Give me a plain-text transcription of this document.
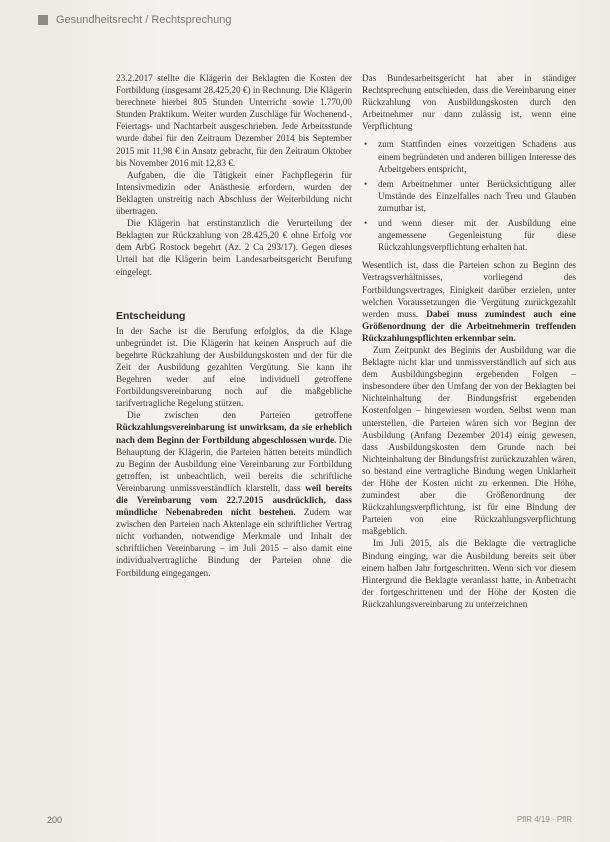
Gesundheitsrecht / Rechtsprechung

23.2.2017 stellte die Klägerin der Beklagten die Kosten der Fortbildung (insgesamt 28.425,20 €) in Rechnung. Die Klägerin berechnete hierbei 805 Stunden Unterricht sowie 1.770,00 Stunden Praktikum. Weiter wurden Zuschläge für Wochenend-, Feiertags- und Nachtarbeit ausgeschrieben. Jede Arbeitsstunde wurde dabei für den Zeitraum Dezember 2014 bis September 2015 mit 11,98 € in Ansatz gebracht, für den Zeitraum Oktober bis November 2016 mit 12,83 €.

Aufgaben, die die Tätigkeit einer Fachpflegerin für Intensivmedizin oder Anästhesie erfordern, wurden der Beklagten unstreitig nach Abschluss der Weiterbildung nicht übertragen.

Die Klägerin hat erstinstanzlich die Verurteilung der Beklagten zur Rückzahlung von 28.425,20 € ohne Erfolg vor dem ArbG Rostock begehrt (Az. 2 Ca 293/17). Gegen dieses Urteil hat die Klägerin beim Landesarbeitsgericht Berufung eingelegt.

Entscheidung

In der Sache ist die Berufung erfolglos, da die Klage unbegründet ist. Die Klägerin hat keinen Anspruch auf die begehrte Rückzahlung der Ausbildungskosten und der für die Zeit der Ausbildung gezahlten Vergütung. Sie kann ihr Begehren weder auf eine individuell getroffene Fortbildungsvereinbarung noch auf die maßgebliche tarifvertragliche Regelung stützen.

Die zwischen den Parteien getroffene Rückzahlungsvereinbarung ist unwirksam, da sie erheblich nach dem Beginn der Fortbildung abgeschlossen wurde. Die Behauptung der Klägerin, die Parteien hätten bereits mündlich zu Beginn der Ausbildung eine Vereinbarung zur Fortbildung getroffen, ist unbeachtlich, weil bereits die schriftliche Vereinbarung unmissverständlich klarstellt, dass weil bereits die Vereinbarung vom 22.7.2015 ausdrücklich, dass mündliche Nebenabreden nicht bestehen. Zudem war zwischen den Parteien nach Aktenlage ein schriftlicher Vertrag nicht vorhanden, notwendige Merkmale und Inhalt der schriftlichen Vereinbarung – im Juli 2015 – also damit eine individualvertragliche Bindung der Parteien ohne die Fortbildung eingegangen.

Das Bundesarbeitsgericht hat aber in ständiger Rechtsprechung entschieden, dass die Vereinbarung einer Rückzahlung von Ausbildungskosten durch den Arbeitnehmer nur dann zulässig ist, wenn eine Verpflichtung

• zum Stattfinden eines vorzeitigen Schadens aus einem begründeten und anderen billigen Interesse des Arbeitgebers entspricht,
• dem Arbeitnehmer unter Berücksichtigung aller Umstände des Einzelfalles nach Treu und Glauben zumutbar ist,
• und wenn dieser mit der Ausbildung eine angemessene Gegenleistung für diese Rückzahlungsverpflichtung erhalten hat.

Wesentlich ist, dass die Parteien schon zu Beginn des Vertragsverhältnisses, vorliegend des Fortbildungsvertrages, Einigkeit darüber erzielen, unter welchen Voraussetzungen die Vergütung zurückgezahlt werden muss. Dabei muss zumindest auch eine Größenordnung der die Arbeitnehmerin treffenden Rückzahlungspflichten erkennbar sein.

Zum Zeitpunkt des Beginns der Ausbildung war die Beklagte nicht klar und unmissverständlich auf sich aus dem Ausbildungsbeginn ergebenden Folgen – insbesondere über den Umfang der von der Beklagten bei Nichteinhaltung der Bindungsfrist ergebenden Kostenfolgen – hingewiesen worden. Selbst wenn man unterstellen, die Parteien wären sich vor Beginn der Ausbildung (Anfang Dezember 2014) einig gewesen, dass Ausbildungskosten dem Grunde nach bei Nichteinhaltung der Bindungsfrist zurückzuzahlen wären, so bestand eine vertragliche Bindung wegen Unklarheit der Höhe der Kosten nicht zu erkennen. Die Höhe, zumindest aber die Größenordnung der Rückzahlungsverpflichtung, ist für eine Bindung der Parteien von eine Rückzahlungsverpflichtung maßgeblich.

Im Juli 2015, als die Beklagte die vertragliche Bindung einging, war die Ausbildung bereits seit über einem halben Jahr fortgeschritten. Wenn sich vor diesem Hintergrund die Beklagte veranlasst hatte, in Anbetracht der fortgeschrittenen und der Höhe der Kosten die Rückzahlungsvereinbarung zu unterzeichnen

200	PflR 4/19 · PflR
